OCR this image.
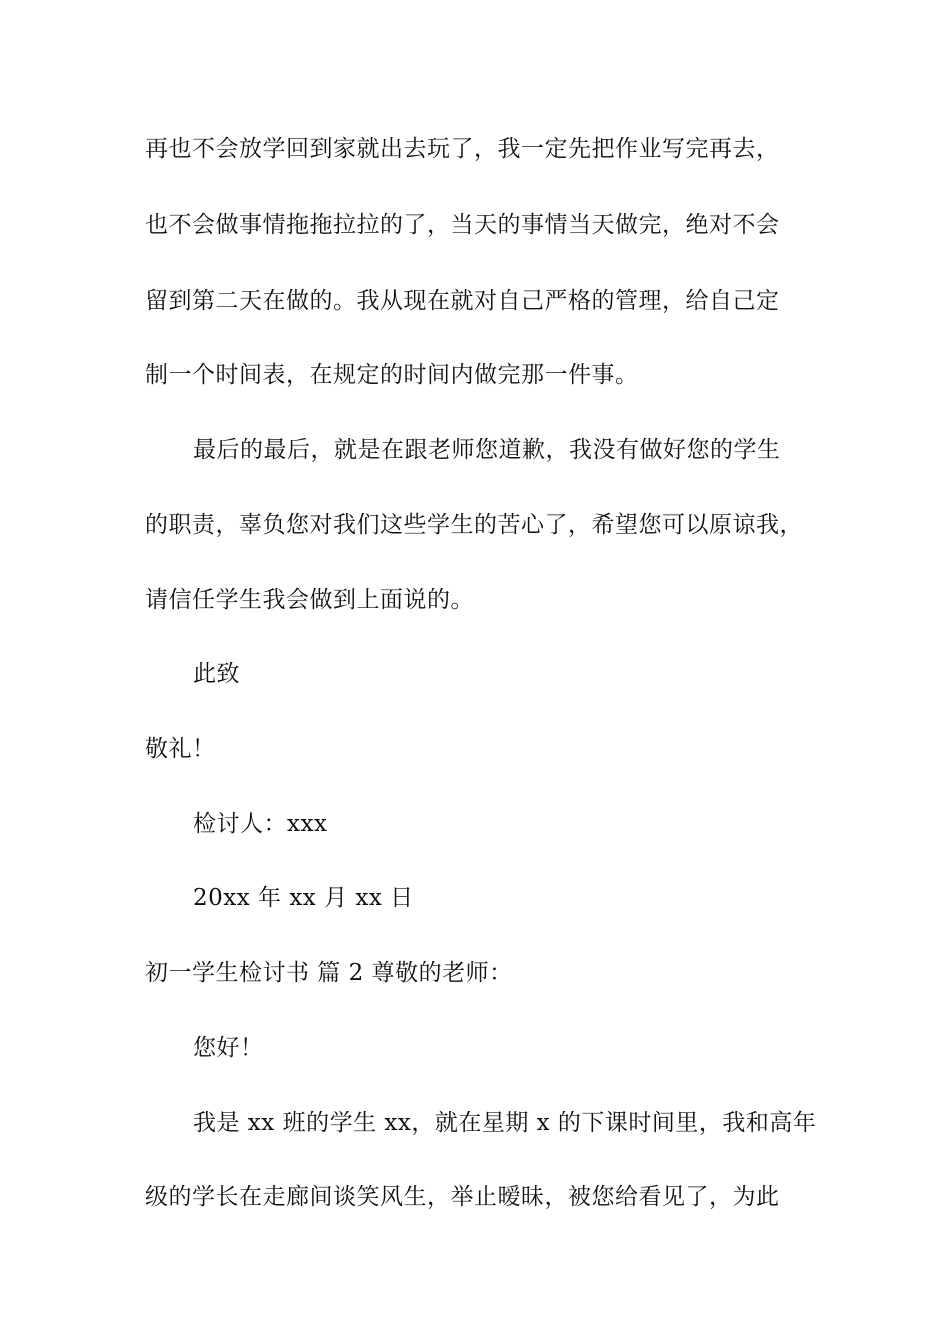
再也不会放学回到家就出去玩了，我一定先把作业写完再去，
也不会做事情拖拖拉拉的了，当天的事情当天做完，绝对不会
留到第二天在做的。我从现在就对自己严格的管理，给自己定
制一个时间表，在规定的时间内做完那一件事。
最后的最后，就是在跟老师您道歉，我没有做好您的学生
的职责，辜负您对我们这些学生的苦心了，希望您可以原谅我，
请信任学生我会做到上面说的。
此致
敬礼！
检讨人：xxx
20xx 年 xx 月 xx 日
初一学生检讨书 篇 2 尊敬的老师：
您好！
我是 xx 班的学生 xx，就在星期 x 的下课时间里，我和高年
级的学长在走廊间谈笑风生，举止暧昧，被您给看见了，为此
